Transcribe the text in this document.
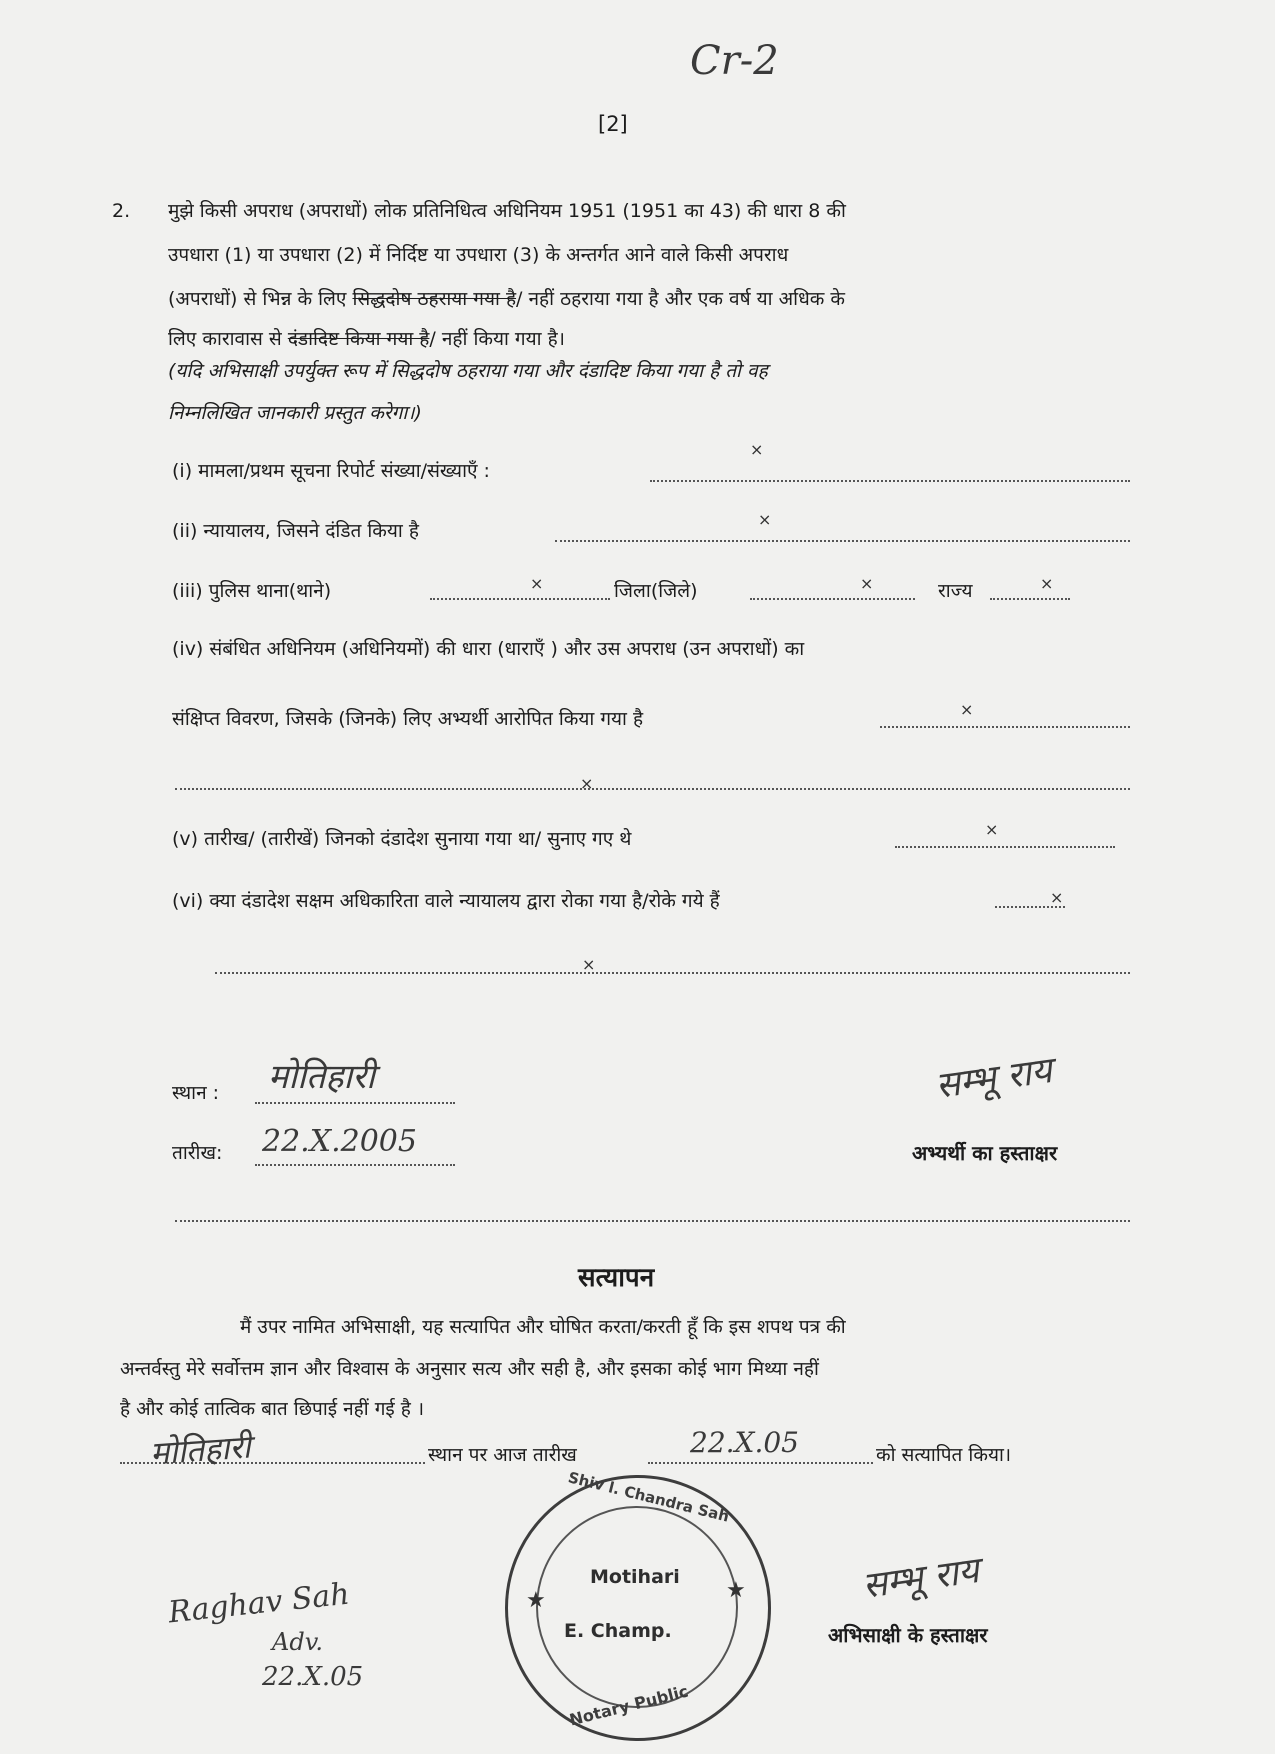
Cr-2
[2]
2. मुझे किसी अपराध (अपराधों) लोक प्रतिनिधित्व अधिनियम 1951 (1951 का 43) की धारा 8 की
उपधारा (1) या उपधारा (2) में निर्दिष्ट या उपधारा (3) के अन्तर्गत आने वाले किसी अपराध
(अपराधों) से भिन्न के लिए सिद्धदोष ठहराया गया है/ नहीं ठहराया गया है और एक वर्ष या अधिक के
लिए कारावास से दंडादिष्ट किया गया है/ नहीं किया गया है।
(यदि अभिसाक्षी उपर्युक्त रूप में सिद्धदोष ठहराया गया और दंडादिष्ट किया गया है तो वह
निम्नलिखित जानकारी प्रस्तुत करेगा।)
(i) मामला/प्रथम सूचना रिपोर्ट संख्या/संख्याएँ :
×
(ii) न्यायालय, जिसने दंडित किया है
×
(iii) पुलिस थाना(थाने)	×	जिला(जिले)	×	राज्य	×
(iv) संबंधित अधिनियम (अधिनियमों) की धारा (धाराएँ ) और उस अपराध (उन अपराधों) का
संक्षिप्त विवरण, जिसके (जिनके) लिए अभ्यर्थी आरोपित किया गया है	×
×
(v) तारीख/ (तारीखें) जिनको दंडादेश सुनाया गया था/ सुनाए गए थे	×
(vi) क्या दंडादेश सक्षम अधिकारिता वाले न्यायालय द्वारा रोका गया है/रोके गये हैं	×
×
स्थान : मोतिहारी
तारीख: 22.X.2005
सम्भू राय
अभ्यर्थी का हस्ताक्षर
सत्यापन
मैं उपर नामित अभिसाक्षी, यह सत्यापित और घोषित करता/करती हूँ कि इस शपथ पत्र की
अन्तर्वस्तु मेरे सर्वोत्तम ज्ञान और विश्वास के अनुसार सत्य और सही है, और इसका कोई भाग मिथ्या नहीं
है और कोई तात्विक बात छिपाई नहीं गई है ।
मोतिहारी	स्थान पर आज तारीख	22.X.05	को सत्यापित किया।
Raghav Sah
Adv.
22.X.05
Shiv l. Chandra Sah
★	★
Motihari
E. Champ.
Notary Public
सम्भू राय
अभिसाक्षी के हस्ताक्षर
